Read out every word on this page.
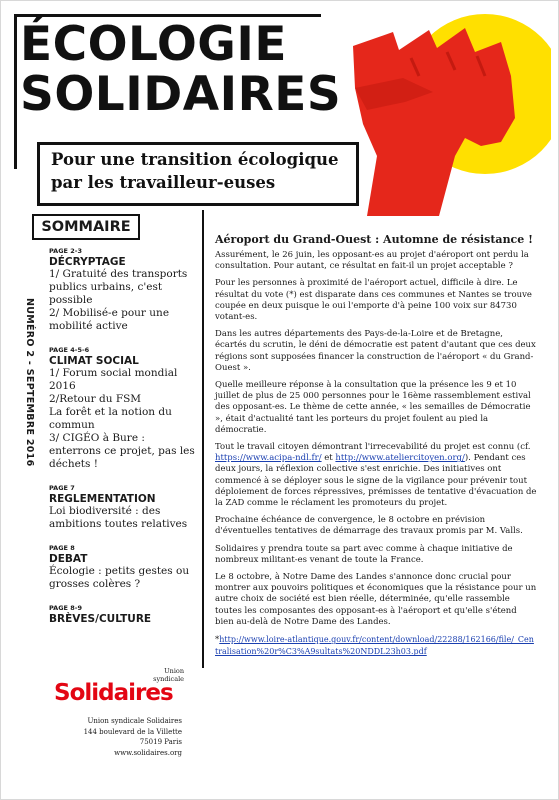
ÉCOLOGIE
SOLIDAIRES
Pour une transition écologique
par les travailleur-euses
NUMÉRO 2 - SEPTEMBRE 2016
SOMMAIRE
PAGE 2-3
DÉCRYPTAGE
1/ Gratuité des transports publics urbains, c'est possible
2/ Mobilisé-e pour une mobilité active
PAGE 4-5-6
CLIMAT SOCIAL
1/ Forum social mondial 2016
2/Retour du FSM
La forêt et la notion du commun
3/ CIGÉO à Bure : enterrons ce projet, pas les déchets !
PAGE 7
REGLEMENTATION
Loi biodiversité : des ambitions toutes relatives
PAGE 8
DEBAT
Écologie : petits gestes ou grosses colères ?
PAGE 8-9
BRÈVES/CULTURE
Union
syndicale
Solidaires
Union syndicale Solidaires
144 boulevard de la Villette
75019 Paris
www.solidaires.org
Aéroport du Grand-Ouest : Automne de résistance !

Assurément, le 26 juin, les opposant-es au projet d'aéroport ont perdu la consultation. Pour autant, ce résultat en fait-il un projet acceptable ?

Pour les personnes à proximité de l'aéroport actuel, difficile à dire. Le résultat du vote (*) est disparate dans ces communes et Nantes se trouve coupée en deux puisque le oui l'emporte d'à peine 100 voix sur 84730 votant-es.

Dans les autres départements des Pays-de-la-Loire et de Bretagne, écartés du scrutin, le déni de démocratie est patent d'autant que ces deux régions sont supposées financer la construction de l'aéroport « du Grand-Ouest ».

Quelle meilleure réponse à la consultation que la présence les 9 et 10 juillet de plus de 25 000 personnes pour le 16ème rassemblement estival des opposant-es. Le thème de cette année, « les semailles de Démocratie », était d'actualité tant les porteurs du projet foulent au pied la démocratie.

Tout le travail citoyen démontrant l'irrecevabilité du projet est connu (cf. https://www.acipa-ndl.fr/ et http://www.ateliercitoyen.org/). Pendant ces deux jours, la réflexion collective s'est enrichie. Des initiatives ont commencé à se déployer sous le signe de la vigilance pour prévenir tout déploiement de forces répressives, prémisses de tentative d'évacuation de la ZAD comme le réclament les promoteurs du projet.

Prochaine échéance de convergence, le 8 octobre en prévision d'éventuelles tentatives de démarrage des travaux promis par M. Valls.

Solidaires y prendra toute sa part avec comme à chaque initiative de nombreux militant-es venant de toute la France.

Le 8 octobre, à Notre Dame des Landes s'annonce donc crucial pour montrer aux pouvoirs politiques et économiques que la résistance pour un autre choix de société est bien réelle, déterminée, qu'elle rassemble toutes les composantes des opposant-es à l'aéroport et qu'elle s'étend bien au-delà de Notre Dame des Landes.

*http://www.loire-atlantique.gouv.fr/content/download/22288/162166/file/_Centralisation%20r%C3%A9sultats%20NDDL23h03.pdf
